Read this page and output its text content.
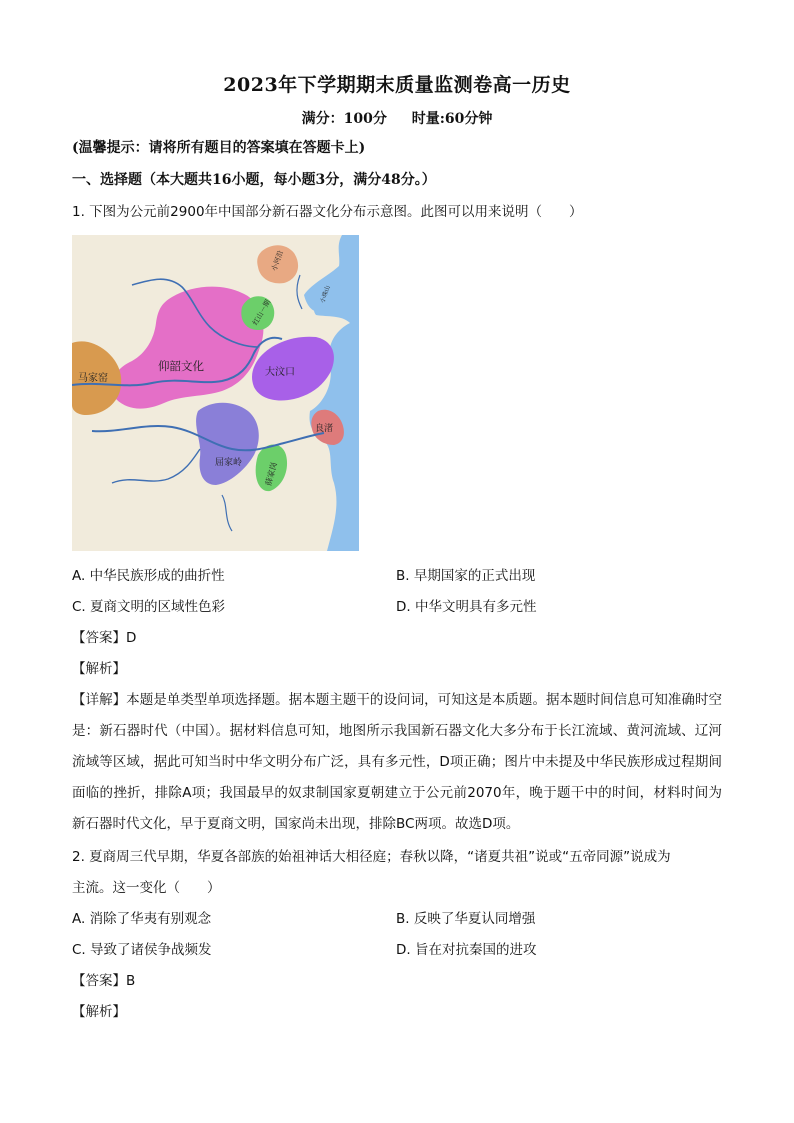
2023年下学期期末质量监测卷高一历史
满分：100分 时量:60分钟
(温馨提示：请将所有题目的答案填在答题卡上)
一、选择题（本大题共16小题，每小题3分，满分48分。）
1. 下图为公元前2900年中国部分新石器文化分布示意图。此图可以用来说明（　　）
小河沿
红山－期
小珠山
仰韶文化
马家窑
大汶口
良渚
屈家岭	薛家岗
A. 中华民族形成的曲折性	B. 早期国家的正式出现
C. 夏商文明的区域性色彩	D. 中华文明具有多元性
【答案】D
【解析】
【详解】本题是单类型单项选择题。据本题主题干的设问词，可知这是本质题。据本题时间信息可知准确时空是：新石器时代（中国）。据材料信息可知，地图所示我国新石器文化大多分布于长江流域、黄河流域、辽河流域等区域，据此可知当时中华文明分布广泛，具有多元性，D项正确；图片中未提及中华民族形成过程期间面临的挫折，排除A项；我国最早的奴隶制国家夏朝建立于公元前2070年，晚于题干中的时间，材料时间为新石器时代文化，早于夏商文明，国家尚未出现，排除BC两项。故选D项。
2. 夏商周三代早期，华夏各部族的始祖神话大相径庭；春秋以降，“诸夏共祖”说或“五帝同源”说成为
主流。这一变化（　　）
A. 消除了华夷有别观念	B. 反映了华夏认同增强
C. 导致了诸侯争战频发	D. 旨在对抗秦国的进攻
【答案】B
【解析】
